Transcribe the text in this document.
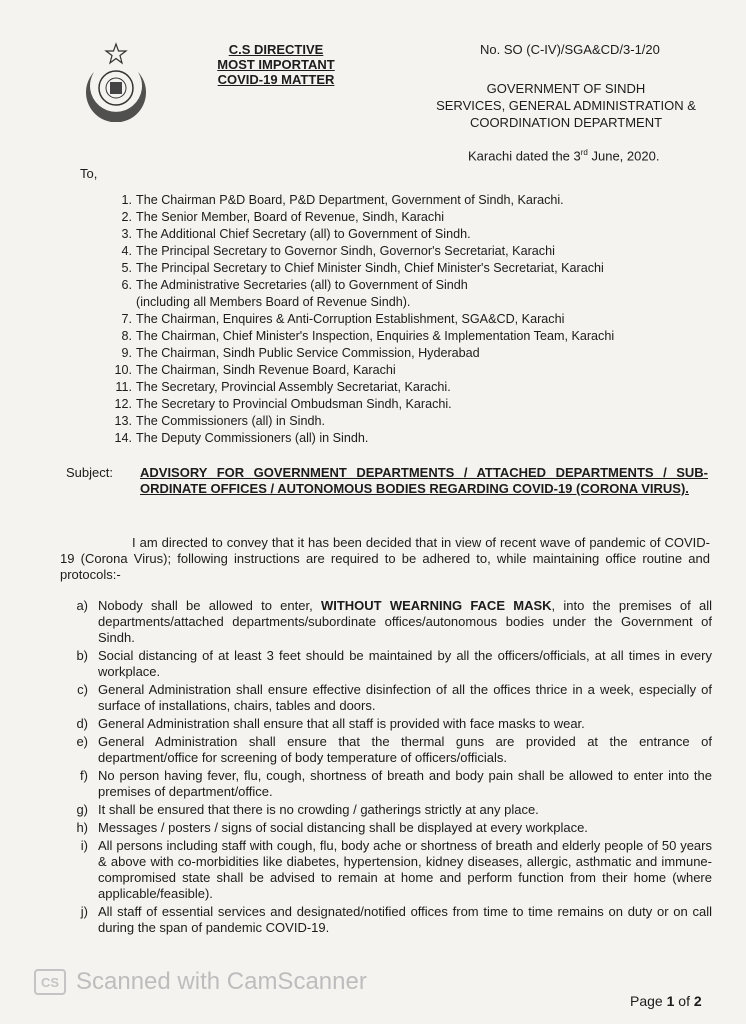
C.S DIRECTIVE
MOST IMPORTANT
COVID-19 MATTER
No. SO (C-IV)/SGA&CD/3-1/20
GOVERNMENT OF SINDH
SERVICES, GENERAL ADMINISTRATION &
COORDINATION DEPARTMENT
Karachi dated the 3rd June, 2020.
To,
1. The Chairman P&D Board, P&D Department, Government of Sindh, Karachi.
2. The Senior Member, Board of Revenue, Sindh, Karachi
3. The Additional Chief Secretary (all) to Government of Sindh.
4. The Principal Secretary to Governor Sindh, Governor's Secretariat, Karachi
5. The Principal Secretary to Chief Minister Sindh, Chief Minister's Secretariat, Karachi
6. The Administrative Secretaries (all) to Government of Sindh
(including all Members Board of Revenue Sindh).
7. The Chairman, Enquires & Anti-Corruption Establishment, SGA&CD, Karachi
8. The Chairman, Chief Minister's Inspection, Enquiries & Implementation Team, Karachi
9. The Chairman, Sindh Public Service Commission, Hyderabad
10. The Chairman, Sindh Revenue Board, Karachi
11. The Secretary, Provincial Assembly Secretariat, Karachi.
12. The Secretary to Provincial Ombudsman Sindh, Karachi.
13. The Commissioners (all) in Sindh.
14. The Deputy Commissioners (all) in Sindh.
Subject: ADVISORY FOR GOVERNMENT DEPARTMENTS / ATTACHED DEPARTMENTS / SUB-ORDINATE OFFICES / AUTONOMOUS BODIES REGARDING COVID-19 (CORONA VIRUS).
I am directed to convey that it has been decided that in view of recent wave of pandemic of COVID-19 (Corona Virus); following instructions are required to be adhered to, while maintaining office routine and protocols:-
a) Nobody shall be allowed to enter, WITHOUT WEARNING FACE MASK, into the premises of all departments/attached departments/subordinate offices/autonomous bodies under the Government of Sindh.
b) Social distancing of at least 3 feet should be maintained by all the officers/officials, at all times in every workplace.
c) General Administration shall ensure effective disinfection of all the offices thrice in a week, especially of surface of installations, chairs, tables and doors.
d) General Administration shall ensure that all staff is provided with face masks to wear.
e) General Administration shall ensure that the thermal guns are provided at the entrance of department/office for screening of body temperature of officers/officials.
f) No person having fever, flu, cough, shortness of breath and body pain shall be allowed to enter into the premises of department/office.
g) It shall be ensured that there is no crowding / gatherings strictly at any place.
h) Messages / posters / signs of social distancing shall be displayed at every workplace.
i) All persons including staff with cough, flu, body ache or shortness of breath and elderly people of 50 years & above with co-morbidities like diabetes, hypertension, kidney diseases, allergic, asthmatic and immune-compromised state shall be advised to remain at home and perform function from their home (where applicable/feasible).
j) All staff of essential services and designated/notified offices from time to time remains on duty or on call during the span of pandemic COVID-19.
CS Scanned with CamScanner
Page 1 of 2
